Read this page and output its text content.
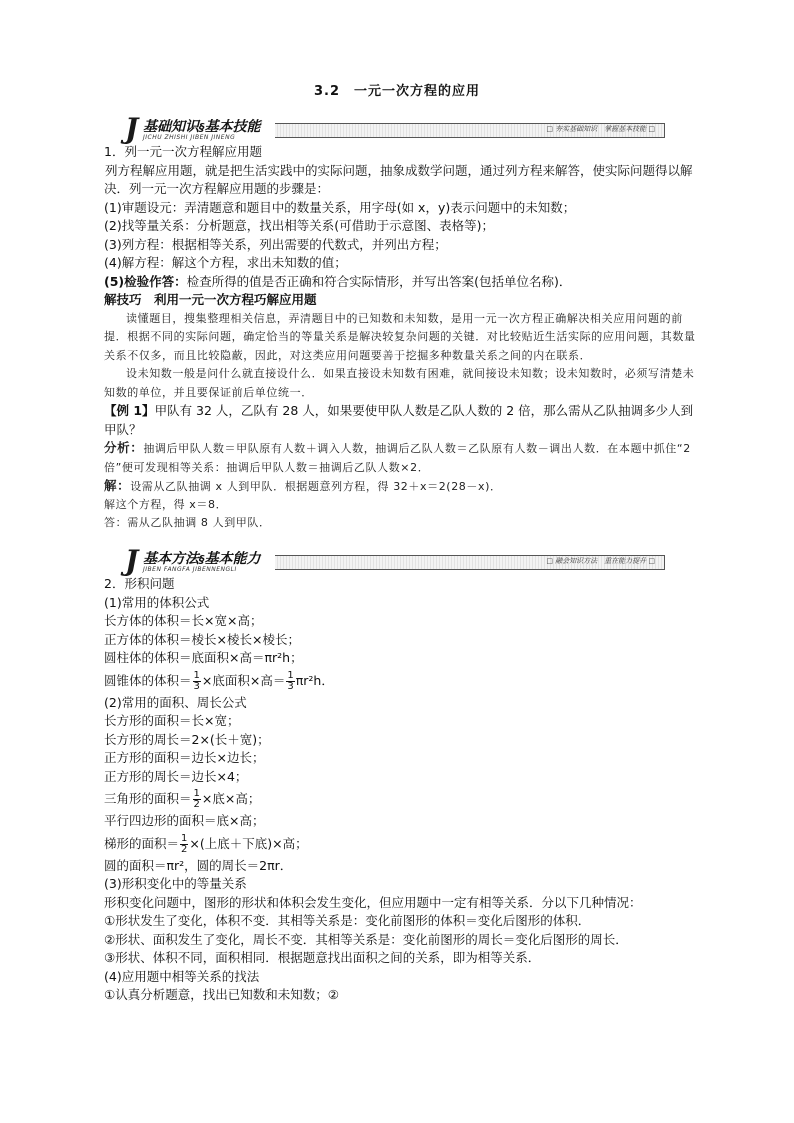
3.2　一元一次方程的应用
J 基础知识§基本技能
JICHU ZHISHI JIBEN JINENG
□ 夯实基础知识　掌握基本技能 □
1．列一元一次方程解应用题
列方程解应用题，就是把生活实践中的实际问题，抽象成数学问题，通过列方程来解答，使实际问题得以解决．列一元一次方程解应用题的步骤是：
(1)审题设元：弄清题意和题目中的数量关系，用字母(如 x，y)表示问题中的未知数；
(2)找等量关系：分析题意，找出相等关系(可借助于示意图、表格等)；
(3)列方程：根据相等关系，列出需要的代数式，并列出方程；
(4)解方程：解这个方程，求出未知数的值；
(5)检验作答：检查所得的值是否正确和符合实际情形，并写出答案(包括单位名称)．
解技巧　利用一元一次方程巧解应用题
读懂题目，搜集整理相关信息，弄清题目中的已知数和未知数，是用一元一次方程正确解决相关应用问题的前提．根据不同的实际问题，确定恰当的等量关系是解决较复杂问题的关键．对比较贴近生活实际的应用问题，其数量关系不仅多，而且比较隐蔽，因此，对这类应用问题要善于挖掘多种数量关系之间的内在联系．
设未知数一般是问什么就直接设什么．如果直接设未知数有困难，就间接设未知数；设未知数时，必须写清楚未知数的单位，并且要保证前后单位统一．
【例 1】甲队有 32 人，乙队有 28 人，如果要使甲队人数是乙队人数的 2 倍，那么需从乙队抽调多少人到甲队？
分析：抽调后甲队人数＝甲队原有人数＋调入人数，抽调后乙队人数＝乙队原有人数－调出人数．在本题中抓住“2 倍”便可发现相等关系：抽调后甲队人数＝抽调后乙队人数×2．
解：设需从乙队抽调 x 人到甲队．根据题意列方程，得 32＋x＝2(28－x)．
解这个方程，得 x＝8．
答：需从乙队抽调 8 人到甲队．
J 基本方法§基本能力
JIBEN FANGFA JIBENNENGLI
□ 融会知识方法　重在能力提升 □
2．形积问题
(1)常用的体积公式
长方体的体积＝长×宽×高；
正方体的体积＝棱长×棱长×棱长；
圆柱体的体积＝底面积×高＝πr²h；
圆锥体的体积＝ $\frac{1}{3}$ ×底面积×高＝ $\frac{1}{3} \pi r^2h$．
(2)常用的面积、周长公式
长方形的面积＝长×宽；
长方形的周长＝2×(长＋宽)；
正方形的面积＝边长×边长；
正方形的周长＝边长×4；
三角形的面积＝ $\frac{1}{2}$ ×底×高；
平行四边形的面积＝底×高；
梯形的面积＝ $\frac{1}{2}$ ×(上底＋下底)×高；
圆的面积＝πr²，圆的周长＝2πr．
(3)形积变化中的等量关系
形积变化问题中，图形的形状和体积会发生变化，但应用题中一定有相等关系．分以下几种情况：
①形状发生了变化，体积不变．其相等关系是：变化前图形的体积＝变化后图形的体积．
②形状、面积发生了变化，周长不变．其相等关系是：变化前图形的周长＝变化后图形的周长．
③形状、体积不同，面积相同．根据题意找出面积之间的关系，即为相等关系．
(4)应用题中相等关系的找法
①认真分析题意，找出已知数和未知数；②
